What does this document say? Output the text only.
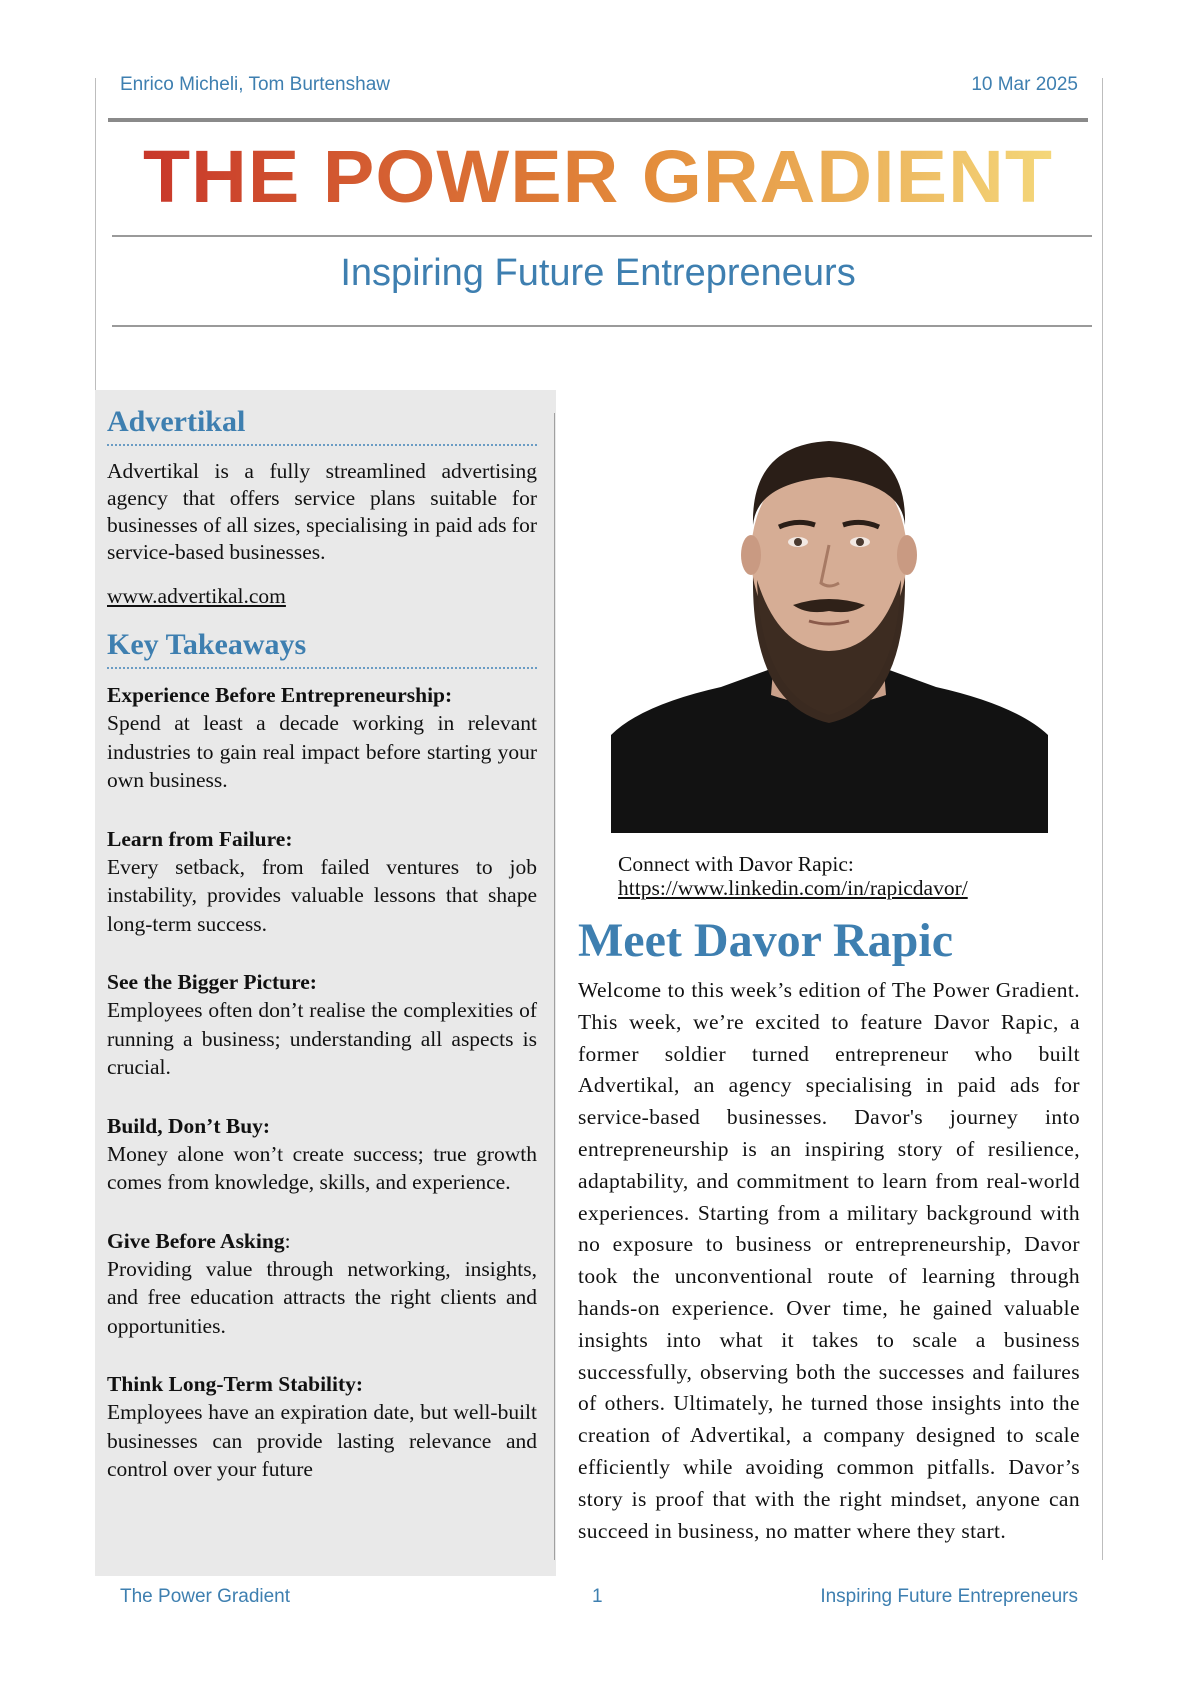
Enrico Micheli, Tom Burtenshaw	10 Mar 2025
THE POWER GRADIENT
Inspiring Future Entrepreneurs
Advertikal
Advertikal is a fully streamlined advertising agency that offers service plans suitable for businesses of all sizes, specialising in paid ads for service-based businesses.
www.advertikal.com
Key Takeaways
Experience Before Entrepreneurship:
Spend at least a decade working in relevant industries to gain real impact before starting your own business.
Learn from Failure:
Every setback, from failed ventures to job instability, provides valuable lessons that shape long-term success.
See the Bigger Picture:
Employees often don’t realise the complexities of running a business; understanding all aspects is crucial.
Build, Don’t Buy:
Money alone won’t create success; true growth comes from knowledge, skills, and experience.
Give Before Asking:
Providing value through networking, insights, and free education attracts the right clients and opportunities.
Think Long-Term Stability:
Employees have an expiration date, but well-built businesses can provide lasting relevance and control over your future
Connect with Davor Rapic:
https://www.linkedin.com/in/rapicdavor/
Meet Davor Rapic
Welcome to this week’s edition of The Power Gradient. This week, we’re excited to feature Davor Rapic, a former soldier turned entrepreneur who built Advertikal, an agency specialising in paid ads for service-based businesses. Davor's journey into entrepreneurship is an inspiring story of resilience, adaptability, and commitment to learn from real-world experiences. Starting from a military background with no exposure to business or entrepreneurship, Davor took the unconventional route of learning through hands-on experience. Over time, he gained valuable insights into what it takes to scale a business successfully, observing both the successes and failures of others. Ultimately, he turned those insights into the creation of Advertikal, a company designed to scale efficiently while avoiding common pitfalls. Davor’s story is proof that with the right mindset, anyone can succeed in business, no matter where they start.
The Power Gradient	1	Inspiring Future Entrepreneurs
